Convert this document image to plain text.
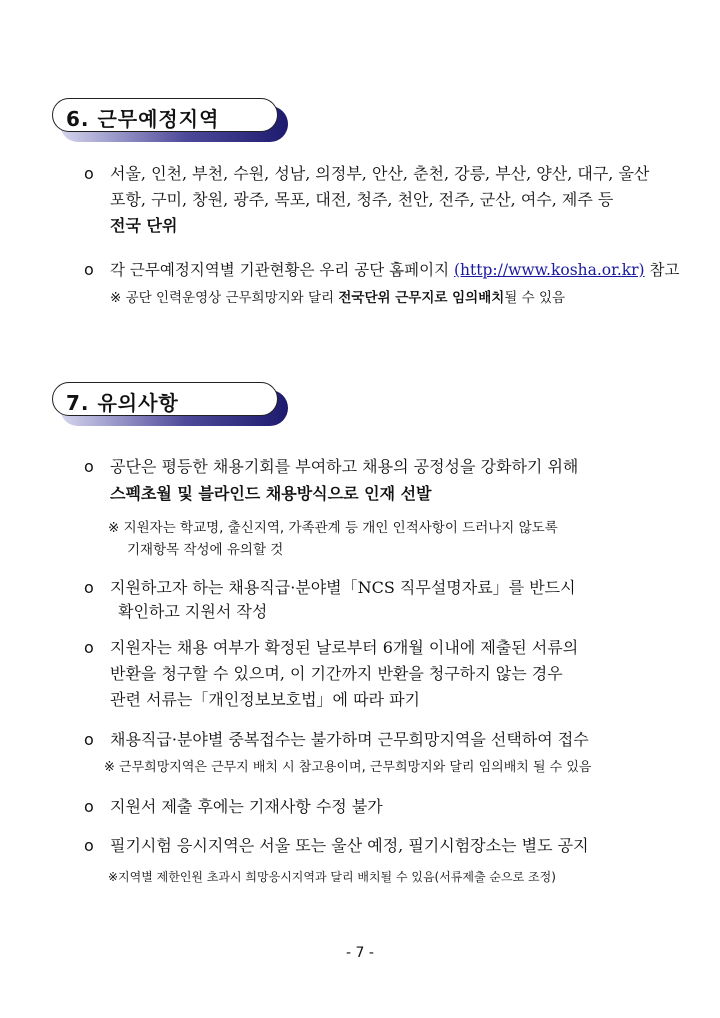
6. 근무예정지역
o 서울, 인천, 부천, 수원, 성남, 의정부, 안산, 춘천, 강릉, 부산, 양산, 대구, 울산
포항, 구미, 창원, 광주, 목포, 대전, 청주, 천안, 전주, 군산, 여수, 제주 등
전국 단위
o 각 근무예정지역별 기관현황은 우리 공단 홈페이지 (http://www.kosha.or.kr) 참고
※ 공단 인력운영상 근무희망지와 달리 전국단위 근무지로 임의배치될 수 있음
7. 유의사항
o 공단은 평등한 채용기회를 부여하고 채용의 공정성을 강화하기 위해
스펙초월 및 블라인드 채용방식으로 인재 선발
※ 지원자는 학교명, 출신지역, 가족관계 등 개인 인적사항이 드러나지 않도록
기재항목 작성에 유의할 것
o 지원하고자 하는 채용직급·분야별「NCS 직무설명자료」를 반드시
확인하고 지원서 작성
o 지원자는 채용 여부가 확정된 날로부터 6개월 이내에 제출된 서류의
반환을 청구할 수 있으며, 이 기간까지 반환을 청구하지 않는 경우
관련 서류는「개인정보보호법」에 따라 파기
o 채용직급·분야별 중복접수는 불가하며 근무희망지역을 선택하여 접수
※ 근무희망지역은 근무지 배치 시 참고용이며, 근무희망지와 달리 임의배치 될 수 있음
o 지원서 제출 후에는 기재사항 수정 불가
o 필기시험 응시지역은 서울 또는 울산 예정, 필기시험장소는 별도 공지
※지역별 제한인원 초과시 희망응시지역과 달리 배치될 수 있음(서류제출 순으로 조정)
- 7 -
